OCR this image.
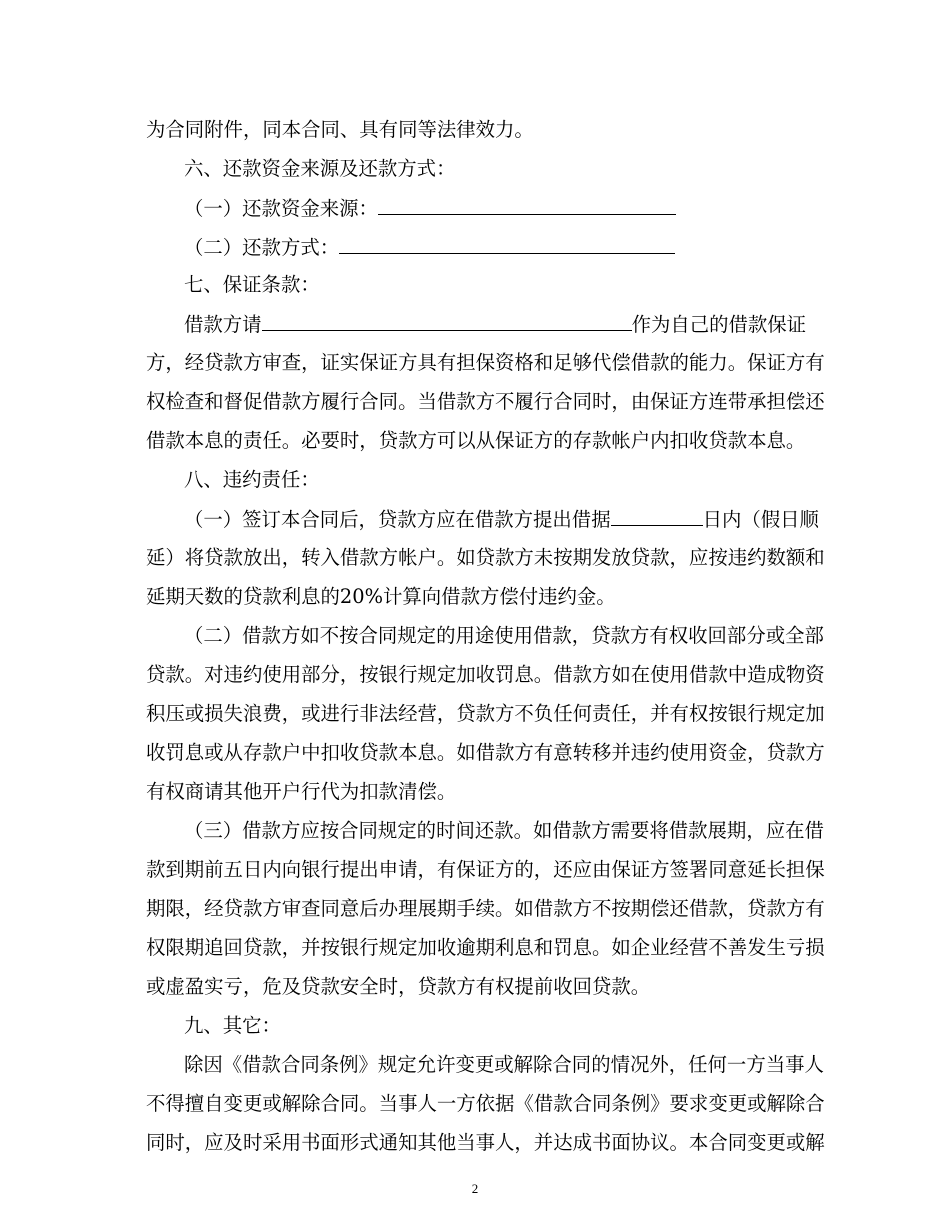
为合同附件，同本合同、具有同等法律效力。
六、还款资金来源及还款方式：
（一）还款资金来源：
（二）还款方式：
七、保证条款：
借款方请	作为自己的借款保证
方，经贷款方审查，证实保证方具有担保资格和足够代偿借款的能力。保证方有
权检查和督促借款方履行合同。当借款方不履行合同时，由保证方连带承担偿还
借款本息的责任。必要时，贷款方可以从保证方的存款帐户内扣收贷款本息。
八、违约责任：
（一）签订本合同后，贷款方应在借款方提出借据	日内（假日顺
延）将贷款放出，转入借款方帐户。如贷款方未按期发放贷款，应按违约数额和
延期天数的贷款利息的20%计算向借款方偿付违约金。
（二）借款方如不按合同规定的用途使用借款，贷款方有权收回部分或全部
贷款。对违约使用部分，按银行规定加收罚息。借款方如在使用借款中造成物资
积压或损失浪费，或进行非法经营，贷款方不负任何责任，并有权按银行规定加
收罚息或从存款户中扣收贷款本息。如借款方有意转移并违约使用资金，贷款方
有权商请其他开户行代为扣款清偿。
（三）借款方应按合同规定的时间还款。如借款方需要将借款展期，应在借
款到期前五日内向银行提出申请，有保证方的，还应由保证方签署同意延长担保
期限，经贷款方审查同意后办理展期手续。如借款方不按期偿还借款，贷款方有
权限期追回贷款，并按银行规定加收逾期利息和罚息。如企业经营不善发生亏损
或虚盈实亏，危及贷款安全时，贷款方有权提前收回贷款。
九、其它：
除因《借款合同条例》规定允许变更或解除合同的情况外，任何一方当事人
不得擅自变更或解除合同。当事人一方依据《借款合同条例》要求变更或解除合
同时，应及时采用书面形式通知其他当事人，并达成书面协议。本合同变更或解
2
